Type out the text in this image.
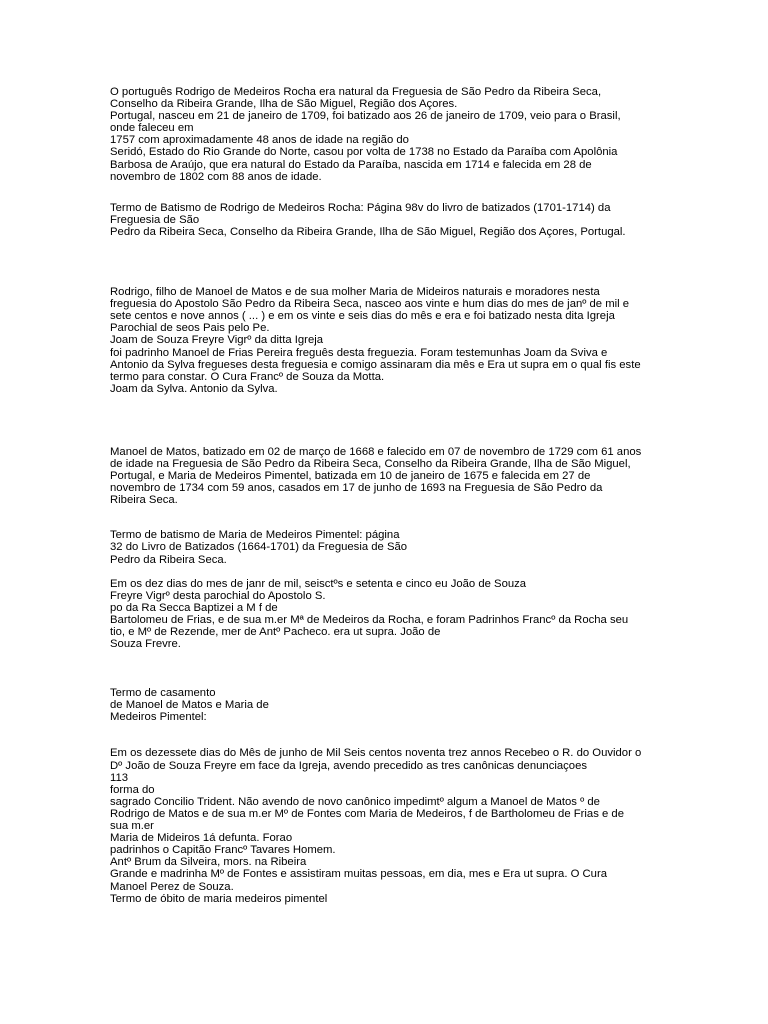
O português Rodrigo de Medeiros Rocha era natural da Freguesia de São Pedro da Ribeira Seca,
Conselho da Ribeira Grande, Ilha de São Miguel, Região dos Açores.
Portugal, nasceu em 21 de janeiro de 1709, foi batizado aos 26 de janeiro de 1709, veio para o Brasil,
onde faleceu em
1757 com aproximadamente 48 anos de idade na região do
Seridó, Estado do Rio Grande do Norte, casou por volta de 1738 no Estado da Paraíba com Apolônia
Barbosa de Araújo, que era natural do Estado da Paraíba, nascida em 1714 e falecida em 28 de
novembro de 1802 com 88 anos de idade.
Termo de Batismo de Rodrigo de Medeiros Rocha: Página 98v do livro de batizados (1701-1714) da
Freguesia de São
Pedro da Ribeira Seca, Conselho da Ribeira Grande, Ilha de São Miguel, Região dos Açores, Portugal.
Rodrigo, filho de Manoel de Matos e de sua molher Maria de Mideiros naturais e moradores nesta
freguesia do Apostolo São Pedro da Ribeira Seca, nasceo aos vinte e hum dias do mes de janº de mil e
sete centos e nove annos ( ... ) e em os vinte e seis dias do mês e era e foi batizado nesta dita Igreja
Parochial de seos Pais pelo Pe.
Joam de Souza Freyre Vigrº da ditta Igreja
foi padrinho Manoel de Frias Pereira freguês desta freguezia. Foram testemunhas Joam da Sviva e
Antonio da Sylva fregueses desta freguesia e comigo assinaram dia mês e Era ut supra em o qual fis este
termo para constar. O Cura Francº de Souza da Motta.
Joam da Sylva. Antonio da Sylva.
Manoel de Matos, batizado em 02 de março de 1668 e falecido em 07 de novembro de 1729 com 61 anos
de idade na Freguesia de São Pedro da Ribeira Seca, Conselho da Ribeira Grande, Ilha de São Miguel,
Portugal, e Maria de Medeiros Pimentel, batizada em 10 de janeiro de 1675 e falecida em 27 de
novembro de 1734 com 59 anos, casados em 17 de junho de 1693 na Freguesia de São Pedro da
Ribeira Seca.
Termo de batismo de Maria de Medeiros Pimentel: página
32 do Livro de Batizados (1664-1701) da Freguesia de São
Pedro da Ribeira Seca.
Em os dez dias do mes de janr de mil, seisctºs e setenta e cinco eu João de Souza
Freyre Vigrº desta parochial do Apostolo S.
po da Ra Secca Baptizei a M f de
Bartolomeu de Frias, e de sua m.er Mª de Medeiros da Rocha, e foram Padrinhos Francº da Rocha seu
tio, e Mº de Rezende, mer de Antº Pacheco. era ut supra. João de
Souza Frevre.
Termo de casamento
de Manoel de Matos e Maria de
Medeiros Pimentel:
Em os dezessete dias do Mês de junho de Mil Seis centos noventa trez annos Recebeo o R. do Ouvidor o
Dº João de Souza Freyre em face da Igreja, avendo precedido as tres canônicas denunciaçoes
113
forma do
sagrado Concilio Trident. Não avendo de novo canônico impedimtº algum a Manoel de Matos º de
Rodrigo de Matos e de sua m.er Mº de Fontes com Maria de Medeiros, f de Bartholomeu de Frias e de
sua m.er
Maria de Mideiros 1á defunta. Forao
padrinhos o Capitão Francº Tavares Homem.
Antº Brum da Silveira, mors. na Ribeira
Grande e madrinha Mº de Fontes e assistiram muitas pessoas, em dia, mes e Era ut supra. O Cura
Manoel Perez de Souza.
Termo de óbito de maria medeiros pimentel
